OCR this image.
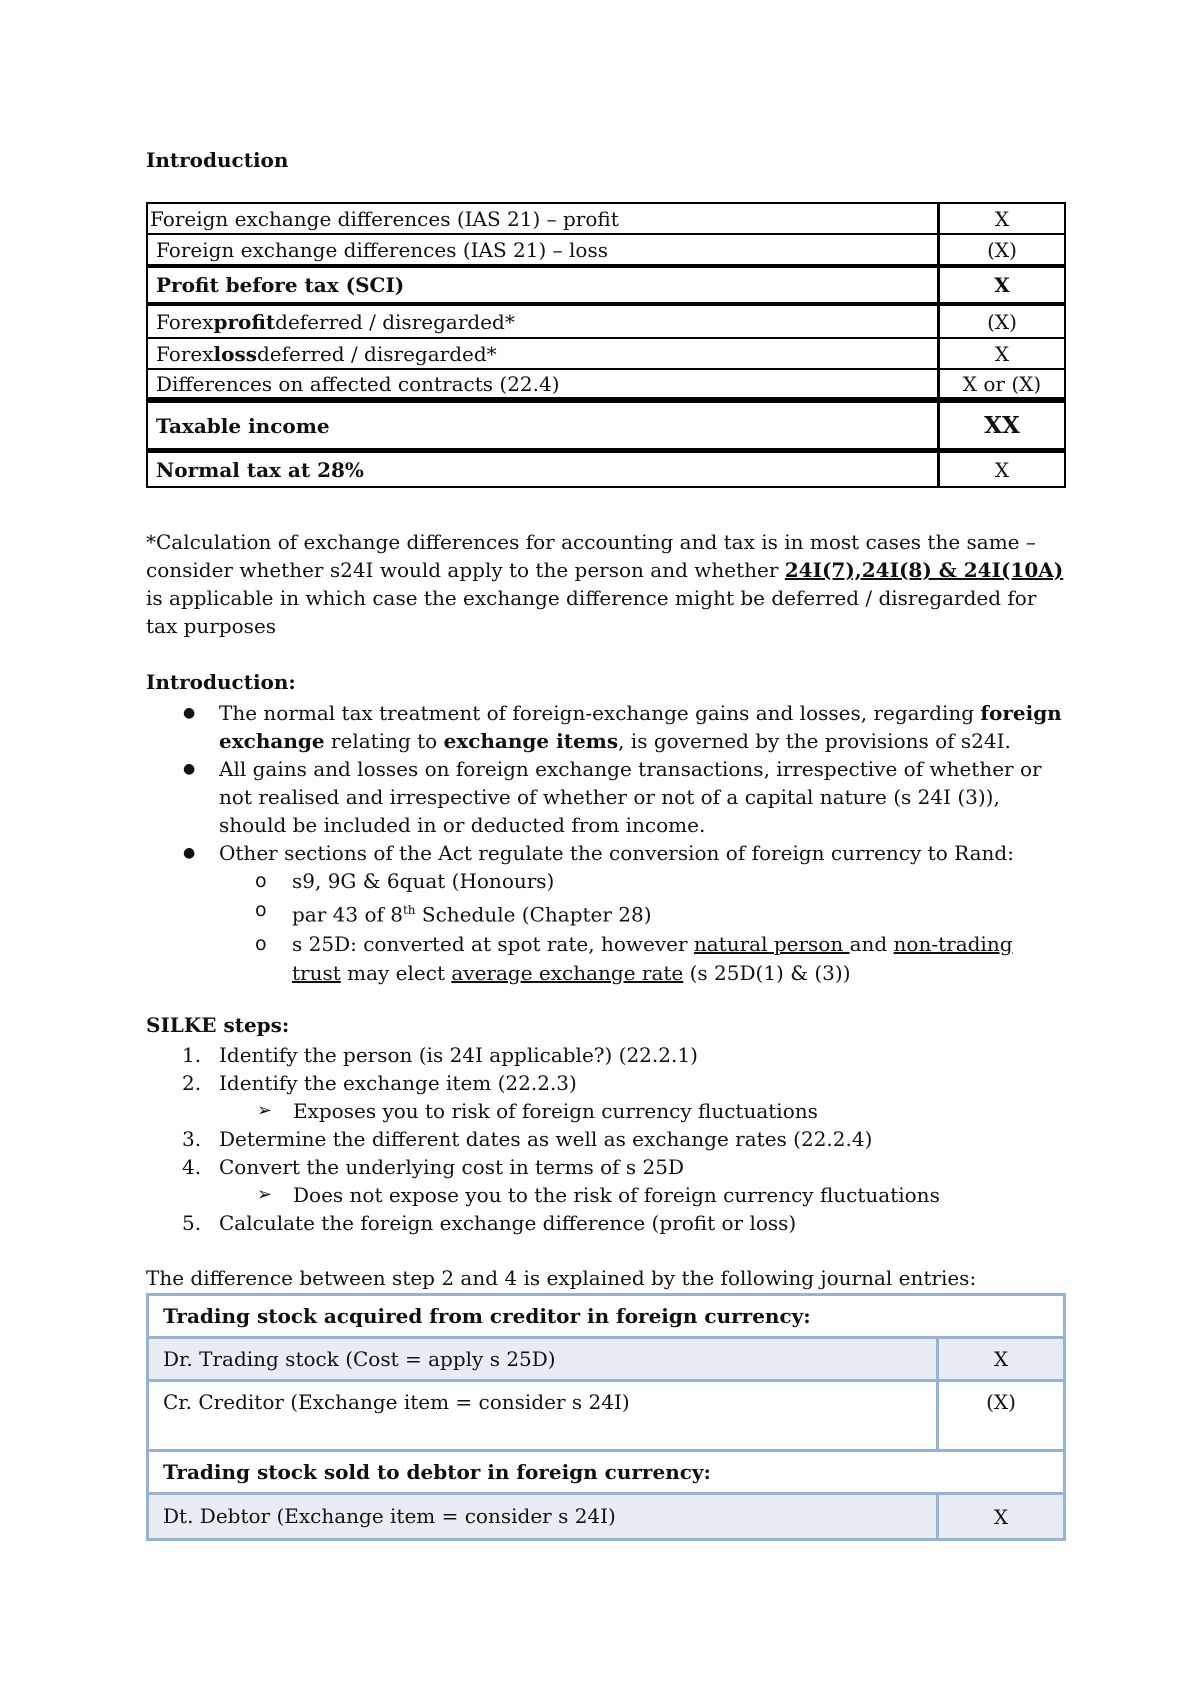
Introduction
Foreign exchange differences (IAS 21) – profit	X
Foreign exchange differences (IAS 21) – loss	(X)
Profit before tax (SCI)	X
Forex profit deferred / disregarded*	(X)
Forex loss deferred / disregarded*	X
Differences on affected contracts (22.4)	X or (X)
Taxable income	XX
Normal tax at 28%	X
*Calculation of exchange differences for accounting and tax is in most cases the same – consider whether s24I would apply to the person and whether 24I(7),24I(8) & 24I(10A) is applicable in which case the exchange difference might be deferred / disregarded for tax purposes
Introduction:
● The normal tax treatment of foreign-exchange gains and losses, regarding foreign exchange relating to exchange items, is governed by the provisions of s24I.
● All gains and losses on foreign exchange transactions, irrespective of whether or not realised and irrespective of whether or not of a capital nature (s 24I (3)), should be included in or deducted from income.
● Other sections of the Act regulate the conversion of foreign currency to Rand:
o s9, 9G & 6quat (Honours)
o par 43 of 8th Schedule (Chapter 28)
o s 25D: converted at spot rate, however natural person and non-trading trust may elect average exchange rate (s 25D(1) & (3))
SILKE steps:
1. Identify the person (is 24I applicable?) (22.2.1)
2. Identify the exchange item (22.2.3)
➢ Exposes you to risk of foreign currency fluctuations
3. Determine the different dates as well as exchange rates (22.2.4)
4. Convert the underlying cost in terms of s 25D
➢ Does not expose you to the risk of foreign currency fluctuations
5. Calculate the foreign exchange difference (profit or loss)
The difference between step 2 and 4 is explained by the following journal entries:
Trading stock acquired from creditor in foreign currency:
Dr. Trading stock (Cost = apply s 25D)	X
Cr. Creditor (Exchange item = consider s 24I)	(X)
Trading stock sold to debtor in foreign currency:
Dt. Debtor (Exchange item = consider s 24I)	X
